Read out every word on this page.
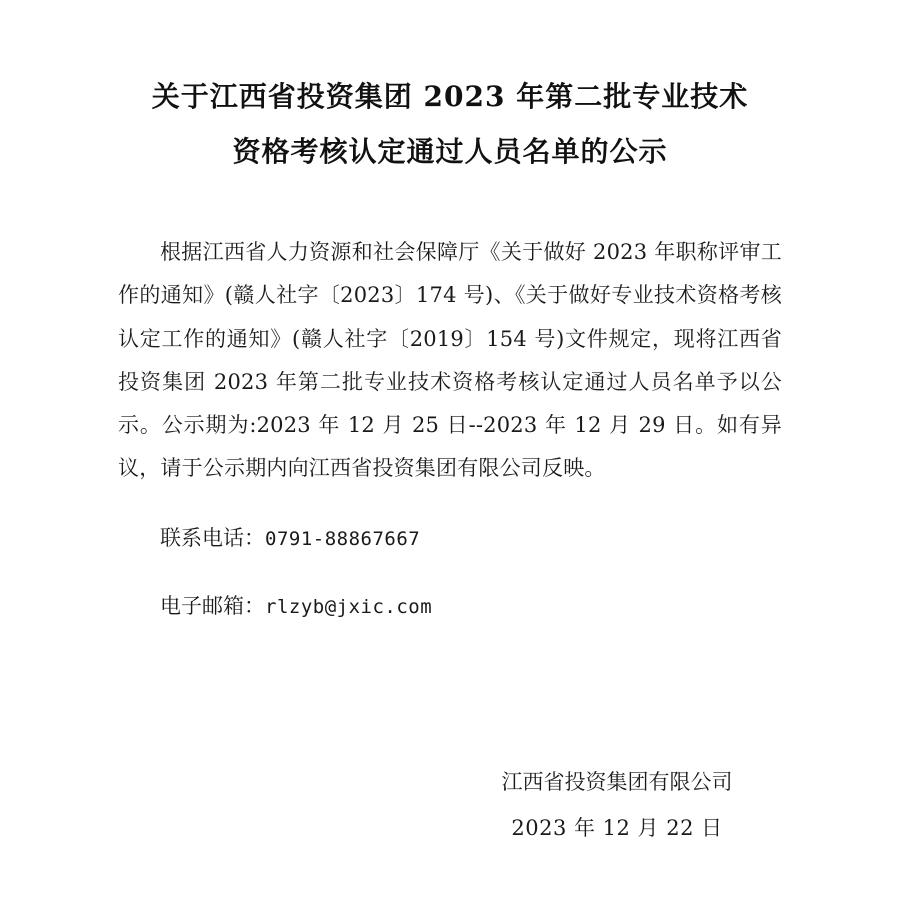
关于江西省投资集团 2023 年第二批专业技术
资格考核认定通过人员名单的公示

根据江西省人力资源和社会保障厅《关于做好 2023 年职称评审工作的通知》(赣人社字〔2023〕174 号)、《关于做好专业技术资格考核认定工作的通知》(赣人社字〔2019〕154 号)文件规定，现将江西省投资集团 2023 年第二批专业技术资格考核认定通过人员名单予以公示。公示期为:2023 年 12 月 25 日--2023 年 12 月 29 日。如有异议，请于公示期内向江西省投资集团有限公司反映。

联系电话：0791-88867667

电子邮箱：rlzyb@jxic.com

江西省投资集团有限公司
2023 年 12 月 22 日
